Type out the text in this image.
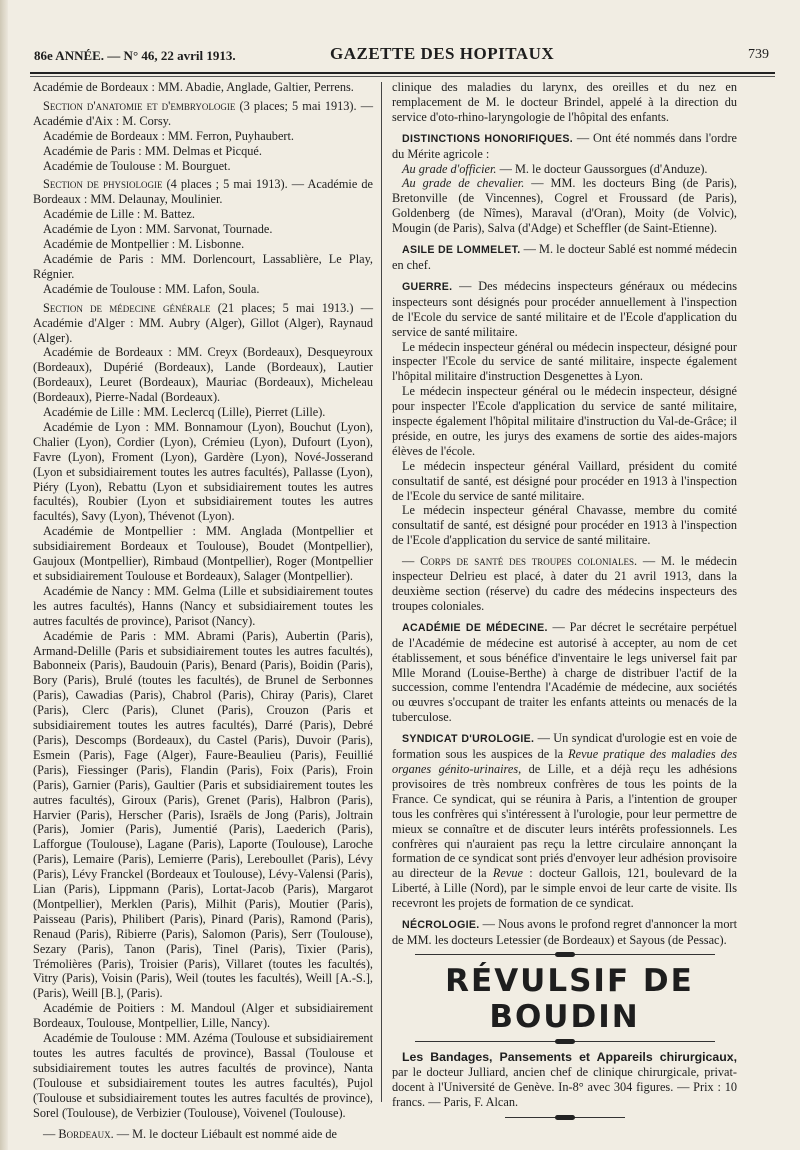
86e ANNÉE. — N° 46, 22 avril 1913.	GAZETTE DES HOPITAUX	739

Académie de Bordeaux : MM. Abadie, Anglade, Galtier, Perrens.

Section d'anatomie et d'embryologie (3 places; 5 mai 1913). — Académie d'Aix : M. Corsy.

Académie de Bordeaux : MM. Ferron, Puyhaubert.

Académie de Paris : MM. Delmas et Picqué.

Académie de Toulouse : M. Bourguet.

Section de physiologie (4 places ; 5 mai 1913). — Académie de Bordeaux : MM. Delaunay, Moulinier.

Académie de Lille : M. Battez.

Académie de Lyon : MM. Sarvonat, Tournade.

Académie de Montpellier : M. Lisbonne.

Académie de Paris : MM. Dorlencourt, Lassablière, Le Play, Régnier.

Académie de Toulouse : MM. Lafon, Soula.

Section de médecine générale (21 places; 5 mai 1913.) — Académie d'Alger : MM. Aubry (Alger), Gillot (Alger), Raynaud (Alger).

Académie de Bordeaux : MM. Creyx (Bordeaux), Desqueyroux (Bordeaux), Dupérié (Bordeaux), Lande (Bordeaux), Lautier (Bordeaux), Leuret (Bordeaux), Mauriac (Bordeaux), Micheleau (Bordeaux), Pierre-Nadal (Bordeaux).

Académie de Lille : MM. Leclercq (Lille), Pierret (Lille).

Académie de Lyon : MM. Bonnamour (Lyon), Bouchut (Lyon), Chalier (Lyon), Cordier (Lyon), Crémieu (Lyon), Dufourt (Lyon), Favre (Lyon), Froment (Lyon), Gardère (Lyon), Nové-Josserand (Lyon et subsidiairement toutes les autres facultés), Pallasse (Lyon), Piéry (Lyon), Rebattu (Lyon et subsidiairement toutes les autres facultés), Roubier (Lyon et subsidiairement toutes les autres facultés), Savy (Lyon), Thévenot (Lyon).

Académie de Montpellier : MM. Anglada (Montpellier et subsidiairement Bordeaux et Toulouse), Boudet (Montpellier), Gaujoux (Montpellier), Rimbaud (Montpellier), Roger (Montpellier et subsidiairement Toulouse et Bordeaux), Salager (Montpellier).

Académie de Nancy : MM. Gelma (Lille et subsidiairement toutes les autres facultés), Hanns (Nancy et subsidiairement toutes les autres facultés de province), Parisot (Nancy).

Académie de Paris : MM. Abrami (Paris), Aubertin (Paris), Armand-Delille (Paris et subsidiairement toutes les autres facultés), Babonneix (Paris), Baudouin (Paris), Benard (Paris), Boidin (Paris), Bory (Paris), Brulé (toutes les facultés), de Brunel de Serbonnes (Paris), Cawadias (Paris), Chabrol (Paris), Chiray (Paris), Claret (Paris), Clerc (Paris), Clunet (Paris), Crouzon (Paris et subsidiairement toutes les autres facultés), Darré (Paris), Debré (Paris), Descomps (Bordeaux), du Castel (Paris), Duvoir (Paris), Esmein (Paris), Fage (Alger), Faure-Beaulieu (Paris), Feuillié (Paris), Fiessinger (Paris), Flandin (Paris), Foix (Paris), Froin (Paris), Garnier (Paris), Gaultier (Paris et subsidiairement toutes les autres facultés), Giroux (Paris), Grenet (Paris), Halbron (Paris), Harvier (Paris), Herscher (Paris), Israëls de Jong (Paris), Joltrain (Paris), Jomier (Paris), Jumentié (Paris), Laederich (Paris), Lafforgue (Toulouse), Lagane (Paris), Laporte (Toulouse), Laroche (Paris), Lemaire (Paris), Lemierre (Paris), Lereboullet (Paris), Lévy (Paris), Lévy Franckel (Bordeaux et Toulouse), Lévy-Valensi (Paris), Lian (Paris), Lippmann (Paris), Lortat-Jacob (Paris), Margarot (Montpellier), Merklen (Paris), Milhit (Paris), Moutier (Paris), Paisseau (Paris), Philibert (Paris), Pinard (Paris), Ramond (Paris), Renaud (Paris), Ribierre (Paris), Salomon (Paris), Serr (Toulouse), Sezary (Paris), Tanon (Paris), Tinel (Paris), Tixier (Paris), Trémolières (Paris), Troisier (Paris), Villaret (toutes les facultés), Vitry (Paris), Voisin (Paris), Weil (toutes les facultés), Weill [A.-S.], (Paris), Weill [B.], (Paris).

Académie de Poitiers : M. Mandoul (Alger et subsidiairement Bordeaux, Toulouse, Montpellier, Lille, Nancy).

Académie de Toulouse : MM. Azéma (Toulouse et subsidiairement toutes les autres facultés de province), Bassal (Toulouse et subsidiairement toutes les autres facultés de province), Nanta (Toulouse et subsidiairement toutes les autres facultés), Pujol (Toulouse et subsidiairement toutes les autres facultés de province), Sorel (Toulouse), de Verbizier (Toulouse), Voivenel (Toulouse).

— Bordeaux. — M. le docteur Liébault est nommé aide de

clinique des maladies du larynx, des oreilles et du nez en remplacement de M. le docteur Brindel, appelé à la direction du service d'oto-rhino-laryngologie de l'hôpital des enfants.

DISTINCTIONS HONORIFIQUES. — Ont été nommés dans l'ordre du Mérite agricole :

Au grade d'officier. — M. le docteur Gaussorgues (d'Anduze).

Au grade de chevalier. — MM. les docteurs Bing (de Paris), Bretonville (de Vincennes), Cogrel et Froussard (de Paris), Goldenberg (de Nîmes), Maraval (d'Oran), Moity (de Volvic), Mougin (de Paris), Salva (d'Adge) et Scheffler (de Saint-Etienne).

ASILE DE LOMMELET. — M. le docteur Sablé est nommé médecin en chef.

GUERRE. — Des médecins inspecteurs généraux ou médecins inspecteurs sont désignés pour procéder annuellement à l'inspection de l'Ecole du service de santé militaire et de l'Ecole d'application du service de santé militaire.

Le médecin inspecteur général ou médecin inspecteur, désigné pour inspecter l'Ecole du service de santé militaire, inspecte également l'hôpital militaire d'instruction Desgenettes à Lyon.

Le médecin inspecteur général ou le médecin inspecteur, désigné pour inspecter l'Ecole d'application du service de santé militaire, inspecte également l'hôpital militaire d'instruction du Val-de-Grâce; il préside, en outre, les jurys des examens de sortie des aides-majors élèves de l'école.

Le médecin inspecteur général Vaillard, président du comité consultatif de santé, est désigné pour procéder en 1913 à l'inspection de l'Ecole du service de santé militaire.

Le médecin inspecteur général Chavasse, membre du comité consultatif de santé, est désigné pour procéder en 1913 à l'inspection de l'Ecole d'application du service de santé militaire.

— Corps de santé des troupes coloniales. — M. le médecin inspecteur Delrieu est placé, à dater du 21 avril 1913, dans la deuxième section (réserve) du cadre des médecins inspecteurs des troupes coloniales.

ACADÉMIE DE MÉDECINE. — Par décret le secrétaire perpétuel de l'Académie de médecine est autorisé à accepter, au nom de cet établissement, et sous bénéfice d'inventaire le legs universel fait par Mlle Morand (Louise-Berthe) à charge de distribuer l'actif de la succession, comme l'entendra l'Académie de médecine, aux sociétés ou œuvres s'occupant de traiter les enfants atteints ou menacés de la tuberculose.

SYNDICAT D'UROLOGIE. — Un syndicat d'urologie est en voie de formation sous les auspices de la Revue pratique des maladies des organes génito-urinaires, de Lille, et a déjà reçu les adhésions provisoires de très nombreux confrères de tous les points de la France. Ce syndicat, qui se réunira à Paris, a l'intention de grouper tous les confrères qui s'intéressent à l'urologie, pour leur permettre de mieux se connaître et de discuter leurs intérêts professionnels. Les confrères qui n'auraient pas reçu la lettre circulaire annonçant la formation de ce syndicat sont priés d'envoyer leur adhésion provisoire au directeur de la Revue : docteur Gallois, 121, boulevard de la Liberté, à Lille (Nord), par le simple envoi de leur carte de visite. Ils recevront les projets de formation de ce syndicat.

NÉCROLOGIE. — Nous avons le profond regret d'annoncer la mort de MM. les docteurs Letessier (de Bordeaux) et Sayous (de Pessac).

RÉVULSIF DE BOUDIN

Les Bandages, Pansements et Appareils chirurgicaux, par le docteur Julliard, ancien chef de clinique chirurgicale, privat-docent à l'Université de Genève. In-8° avec 304 figures. — Prix : 10 francs. — Paris, F. Alcan.
